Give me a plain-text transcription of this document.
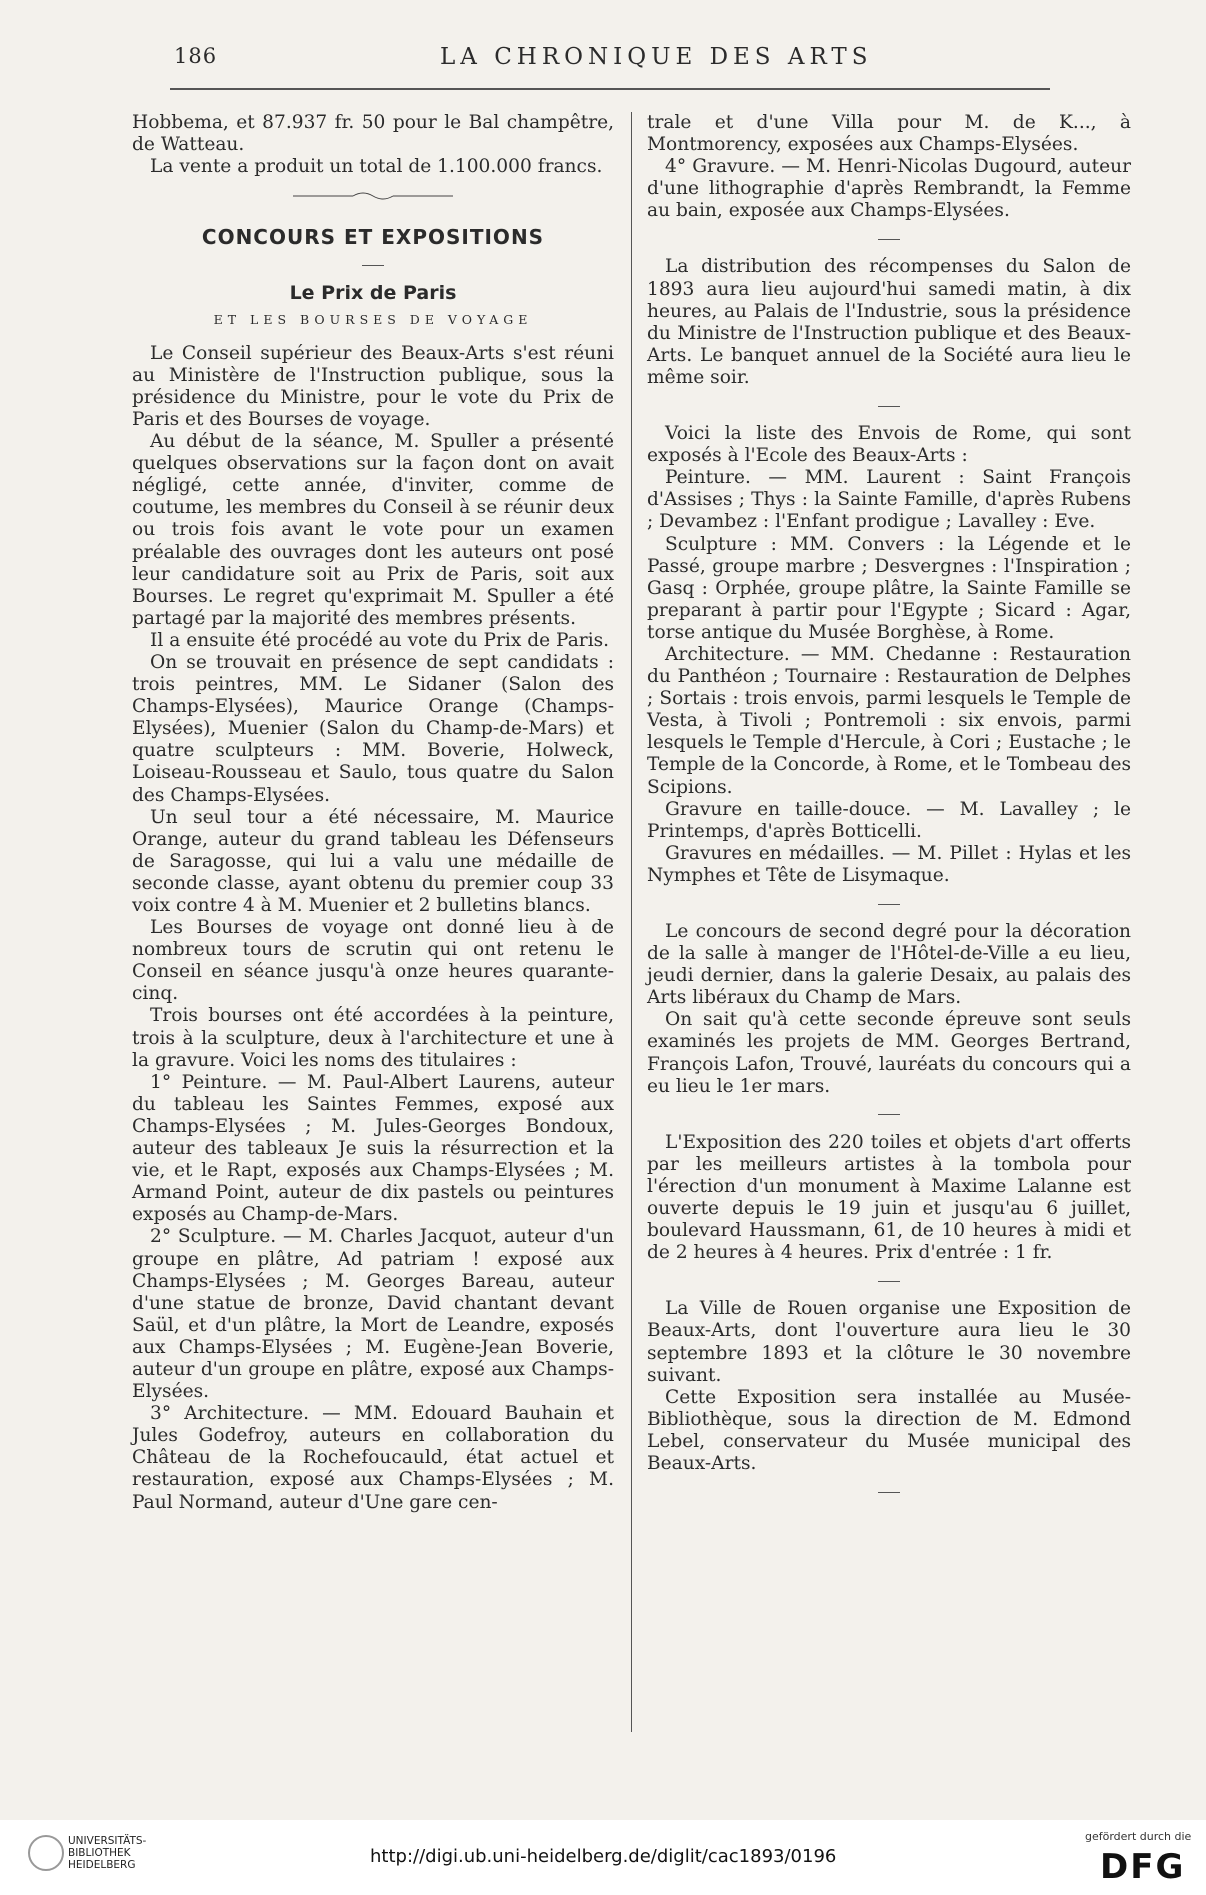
186	LA CHRONIQUE DES ARTS

Hobbema, et 87.937 fr. 50 pour le Bal champêtre, de Watteau.

La vente a produit un total de 1.100.000 francs.

CONCOURS ET EXPOSITIONS
Le Prix de Paris
ET LES BOURSES DE VOYAGE

Le Conseil supérieur des Beaux-Arts s'est réuni au Ministère de l'Instruction publique, sous la présidence du Ministre, pour le vote du Prix de Paris et des Bourses de voyage.

Au début de la séance, M. Spuller a présenté quelques observations sur la façon dont on avait négligé, cette année, d'inviter, comme de coutume, les membres du Conseil à se réunir deux ou trois fois avant le vote pour un examen préalable des ouvrages dont les auteurs ont posé leur candidature soit au Prix de Paris, soit aux Bourses. Le regret qu'exprimait M. Spuller a été partagé par la majorité des membres présents.

Il a ensuite été procédé au vote du Prix de Paris.

On se trouvait en présence de sept candidats : trois peintres, MM. Le Sidaner (Salon des Champs-Elysées), Maurice Orange (Champs-Elysées), Muenier (Salon du Champ-de-Mars) et quatre sculpteurs : MM. Boverie, Holweck, Loiseau-Rousseau et Saulo, tous quatre du Salon des Champs-Elysées.

Un seul tour a été nécessaire, M. Maurice Orange, auteur du grand tableau les Défenseurs de Saragosse, qui lui a valu une médaille de seconde classe, ayant obtenu du premier coup 33 voix contre 4 à M. Muenier et 2 bulletins blancs.

Les Bourses de voyage ont donné lieu à de nombreux tours de scrutin qui ont retenu le Conseil en séance jusqu'à onze heures quarante-cinq.

Trois bourses ont été accordées à la peinture, trois à la sculpture, deux à l'architecture et une à la gravure. Voici les noms des titulaires :

1° Peinture. — M. Paul-Albert Laurens, auteur du tableau les Saintes Femmes, exposé aux Champs-Elysées ; M. Jules-Georges Bondoux, auteur des tableaux Je suis la résurrection et la vie, et le Rapt, exposés aux Champs-Elysées ; M. Armand Point, auteur de dix pastels ou peintures exposés au Champ-de-Mars.

2° Sculpture. — M. Charles Jacquot, auteur d'un groupe en plâtre, Ad patriam ! exposé aux Champs-Elysées ; M. Georges Bareau, auteur d'une statue de bronze, David chantant devant Saül, et d'un plâtre, la Mort de Leandre, exposés aux Champs-Elysées ; M. Eugène-Jean Boverie, auteur d'un groupe en plâtre, exposé aux Champs-Elysées.

3° Architecture. — MM. Edouard Bauhain et Jules Godefroy, auteurs en collaboration du Château de la Rochefoucauld, état actuel et restauration, exposé aux Champs-Elysées ; M. Paul Normand, auteur d'Une gare cen-

trale et d'une Villa pour M. de K..., à Montmorency, exposées aux Champs-Elysées.

4° Gravure. — M. Henri-Nicolas Dugourd, auteur d'une lithographie d'après Rembrandt, la Femme au bain, exposée aux Champs-Elysées.

La distribution des récompenses du Salon de 1893 aura lieu aujourd'hui samedi matin, à dix heures, au Palais de l'Industrie, sous la présidence du Ministre de l'Instruction publique et des Beaux-Arts. Le banquet annuel de la Société aura lieu le même soir.

Voici la liste des Envois de Rome, qui sont exposés à l'Ecole des Beaux-Arts :

Peinture. — MM. Laurent : Saint François d'Assises ; Thys : la Sainte Famille, d'après Rubens ; Devambez : l'Enfant prodigue ; Lavalley : Eve.

Sculpture : MM. Convers : la Légende et le Passé, groupe marbre ; Desvergnes : l'Inspiration ; Gasq : Orphée, groupe plâtre, la Sainte Famille se preparant à partir pour l'Egypte ; Sicard : Agar, torse antique du Musée Borghèse, à Rome.

Architecture. — MM. Chedanne : Restauration du Panthéon ; Tournaire : Restauration de Delphes ; Sortais : trois envois, parmi lesquels le Temple de Vesta, à Tivoli ; Pontremoli : six envois, parmi lesquels le Temple d'Hercule, à Cori ; Eustache ; le Temple de la Concorde, à Rome, et le Tombeau des Scipions.

Gravure en taille-douce. — M. Lavalley ; le Printemps, d'après Botticelli.

Gravures en médailles. — M. Pillet : Hylas et les Nymphes et Tête de Lisymaque.

Le concours de second degré pour la décoration de la salle à manger de l'Hôtel-de-Ville a eu lieu, jeudi dernier, dans la galerie Desaix, au palais des Arts libéraux du Champ de Mars.

On sait qu'à cette seconde épreuve sont seuls examinés les projets de MM. Georges Bertrand, François Lafon, Trouvé, lauréats du concours qui a eu lieu le 1er mars.

L'Exposition des 220 toiles et objets d'art offerts par les meilleurs artistes à la tombola pour l'érection d'un monument à Maxime Lalanne est ouverte depuis le 19 juin et jusqu'au 6 juillet, boulevard Haussmann, 61, de 10 heures à midi et de 2 heures à 4 heures. Prix d'entrée : 1 fr.

La Ville de Rouen organise une Exposition de Beaux-Arts, dont l'ouverture aura lieu le 30 septembre 1893 et la clôture le 30 novembre suivant.

Cette Exposition sera installée au Musée-Bibliothèque, sous la direction de M. Edmond Lebel, conservateur du Musée municipal des Beaux-Arts.

UNIVERSITÄTS-
BIBLIOTHEK
HEIDELBERG	http://digi.ub.uni-heidelberg.de/diglit/cac1893/0196
gefördert durch die
DFG
